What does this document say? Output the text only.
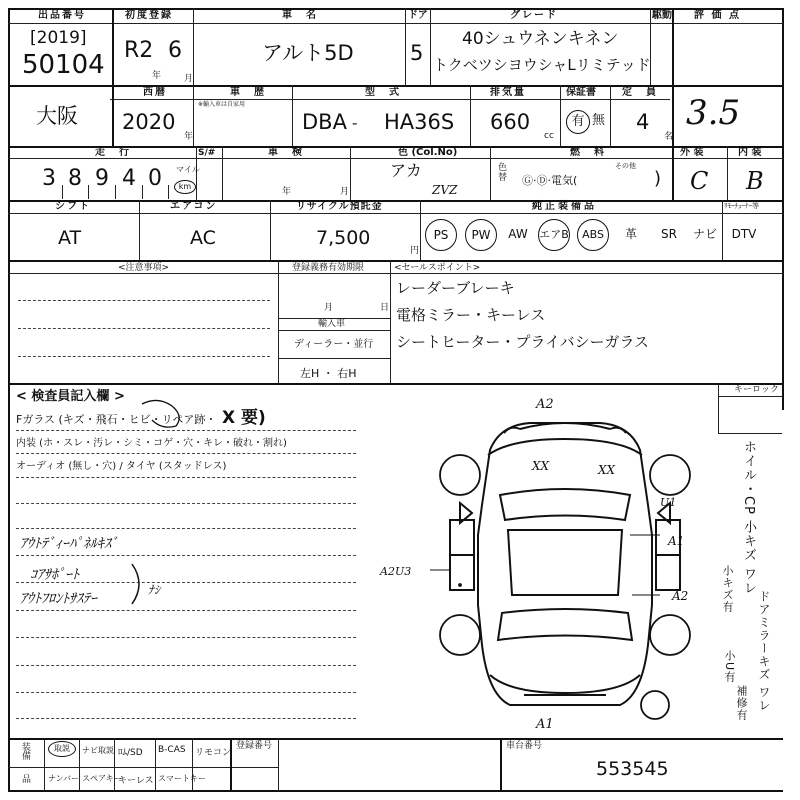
出品番号
[2019]
50104
初度登録
R2 6
年	月
車　名
アルト5D
ドア
5
グレード
40シュウネンキネン
トクベツシヨウシャLリミテッド
駆動 評 価 点
大阪
西暦
2020
年
車　歴
※輸入車は自家用
型　式
DBA - HA36S
排気量
660
cc
保証書
有 無
定　員
4
名
3.5
走　行
3 8 9 4 0 マイル
km
S/#	車　検
年	月
色 (Col.No)
アカ
ZVZ
色替
燃　料
Ⓖ·Ⓓ·電気(
その他
)
外 装
C
内 装
B
シフト
AT
エアコン
AC
リサイクル預託金
7,500
円
純正装備品	ﾘﾓｰﾁｭｰﾅｰ等
PS	PW	AW	エアB	ABS	革	SR	ナビ DTV
<注意事項>	登録義務有効期限
月	日
輸入車
ディーラー・並行
左H ・ 右H
<セールスポイント>
レーダーブレーキ
電格ミラー・キーレス
シートヒーター・プライバシーガラス
< 検査員記入欄 >
Fガラス (キズ・飛石・ヒビ・リペア跡・ X 要)
内装 (ホ・スレ・汚レ・シミ・コゲ・穴・キレ・破れ・割れ)
オーディオ (無し・穴) / タイヤ (スタッドレス)
ｱｳﾄﾃﾞｨｰﾊﾟﾈﾙｷｽﾞ
ｺｱｻﾎﾟｰﾄ
ｱｳﾄﾌﾛﾝﾄｻｽﾃｰ
ﾅｼ
キーロック
A2
XX	XX
U1
A1
A2U3
A2
A1
ホイル・CP 小キズ ワレ
ドアミラーキズ ワレ
小キズ有
小U有
補修有
装備
品
取説	ナビ取説 ﾛﾑ/SD B-CAS リモコン
ナンバー スペアキー
キーレス スマートキー
登録番号	車台番号
553545
